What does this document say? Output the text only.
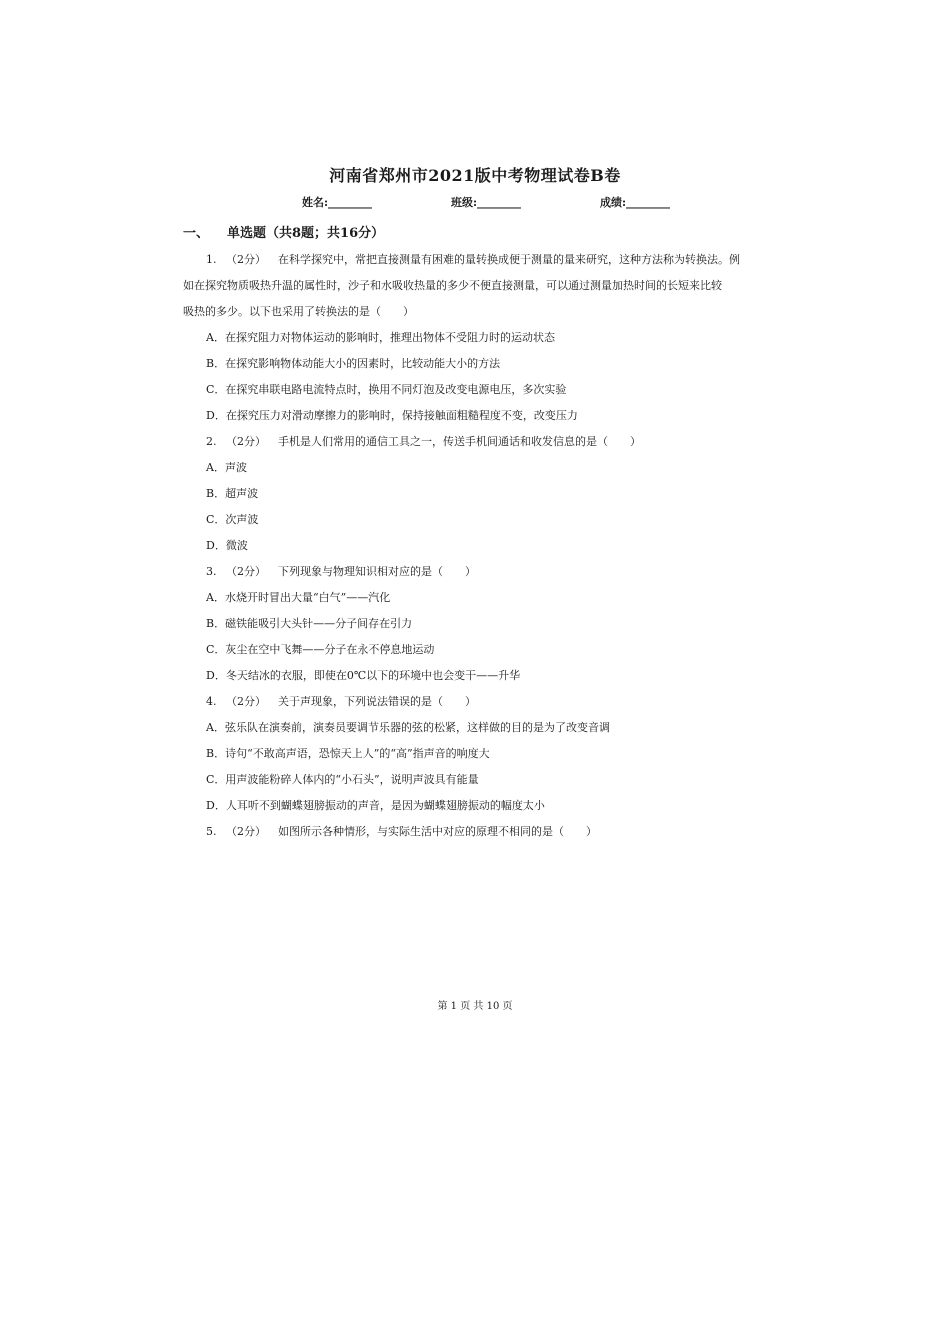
河南省郑州市2021版中考物理试卷B卷
姓名:________	班级:________	成绩:________
一、 单选题（共8题；共16分）
1. （2分） 在科学探究中，常把直接测量有困难的量转换成便于测量的量来研究，这种方法称为转换法。例
如在探究物质吸热升温的属性时，沙子和水吸收热量的多少不便直接测量，可以通过测量加热时间的长短来比较
吸热的多少。以下也采用了转换法的是（　　）
A．在探究阻力对物体运动的影响时，推理出物体不受阻力时的运动状态
B．在探究影响物体动能大小的因素时，比较动能大小的方法
C．在探究串联电路电流特点时，换用不同灯泡及改变电源电压，多次实验
D．在探究压力对滑动摩擦力的影响时，保持接触面粗糙程度不变，改变压力
2. （2分） 手机是人们常用的通信工具之一，传送手机间通话和收发信息的是（　　）
A．声波
B．超声波
C．次声波
D．微波
3. （2分） 下列现象与物理知识相对应的是（　　）
A．水烧开时冒出大量“白气”——汽化
B．磁铁能吸引大头针——分子间存在引力
C．灰尘在空中飞舞——分子在永不停息地运动
D．冬天结冰的衣服，即使在0℃以下的环境中也会变干——升华
4. （2分） 关于声现象，下列说法错误的是（　　）
A．弦乐队在演奏前，演奏员要调节乐器的弦的松紧，这样做的目的是为了改变音调
B．诗句“不敢高声语，恐惊天上人”的“高”指声音的响度大
C．用声波能粉碎人体内的“小石头”，说明声波具有能量
D．人耳听不到蝴蝶翅膀振动的声音，是因为蝴蝶翅膀振动的幅度太小
5. （2分） 如图所示各种情形，与实际生活中对应的原理不相同的是（　　）
第 1 页 共 10 页
